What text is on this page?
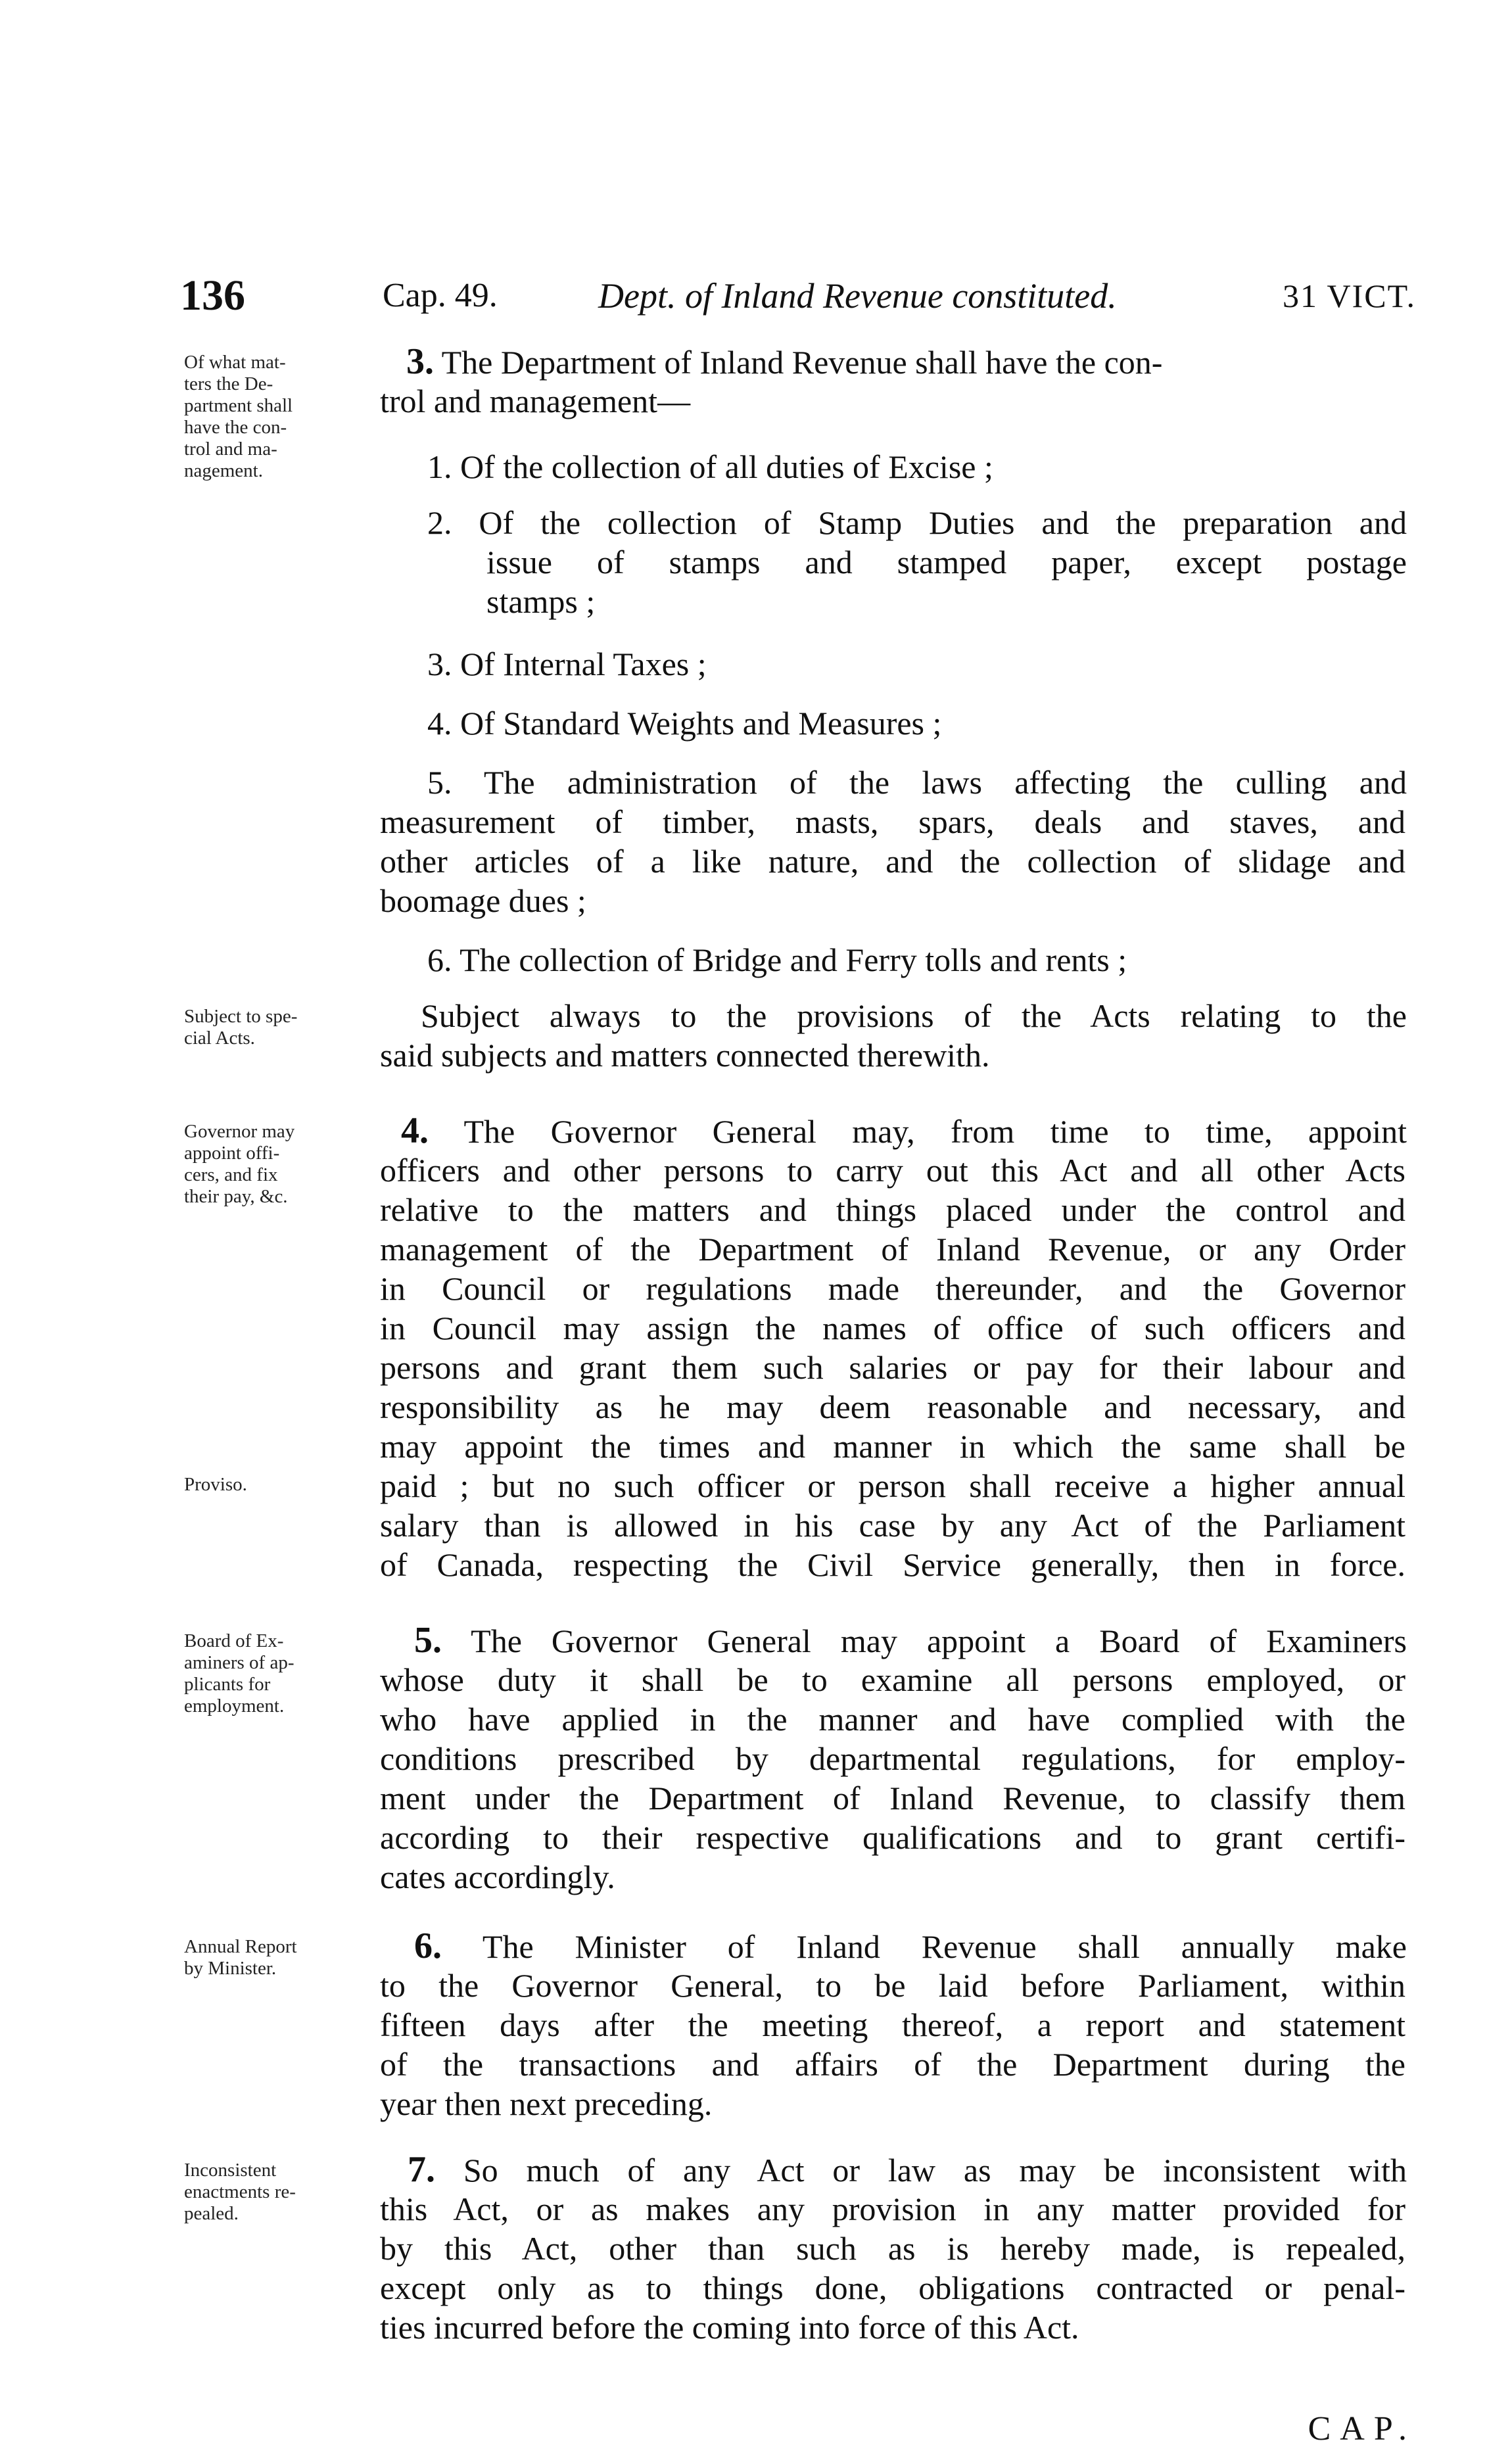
136	Cap. 49.	Dept. of Inland Revenue constituted.	31 VICT.
Of what mat-
ters the De-
partment shall
have the con-
trol and ma-
nagement.
3. The Department of Inland Revenue shall have the con-
trol and management—
1. Of the collection of all duties of Excise ;
2. Of the collection of Stamp Duties and the preparation and
issue of stamps and stamped paper, except postage
stamps ;
3. Of Internal Taxes ;
4. Of Standard Weights and Measures ;
5. The administration of the laws affecting the culling and
measurement of timber, masts, spars, deals and staves, and
other articles of a like nature, and the collection of slidage and
boomage dues ;
6. The collection of Bridge and Ferry tolls and rents ;
Subject to spe-
cial Acts.
Subject always to the provisions of the Acts relating to the
said subjects and matters connected therewith.
Governor may
appoint offi-
cers, and fix
their pay, &c.
4. The Governor General may, from time to time, appoint
officers and other persons to carry out this Act and all other Acts
relative to the matters and things placed under the control and
management of the Department of Inland Revenue, or any Order
in Council or regulations made thereunder, and the Governor
in Council may assign the names of office of such officers and
persons and grant them such salaries or pay for their labour and
responsibility as he may deem reasonable and necessary, and
may appoint the times and manner in which the same shall be
Proviso.	paid ; but no such officer or person shall receive a higher annual
salary than is allowed in his case by any Act of the Parliament
of Canada, respecting the Civil Service generally, then in force.
Board of Ex-
aminers of ap-
plicants for
employment.
5. The Governor General may appoint a Board of Examiners
whose duty it shall be to examine all persons employed, or
who have applied in the manner and have complied with the
conditions prescribed by departmental regulations, for employ-
ment under the Department of Inland Revenue, to classify them
according to their respective qualifications and to grant certifi-
cates accordingly.
Annual Report
by Minister.
6. The Minister of Inland Revenue shall annually make
to the Governor General, to be laid before Parliament, within
fifteen days after the meeting thereof, a report and statement
of the transactions and affairs of the Department during the
year then next preceding.
Inconsistent
enactments re-
pealed.
7. So much of any Act or law as may be inconsistent with
this Act, or as makes any provision in any matter provided for
by this Act, other than such as is hereby made, is repealed,
except only as to things done, obligations contracted or penal-
ties incurred before the coming into force of this Act.
CAP.
